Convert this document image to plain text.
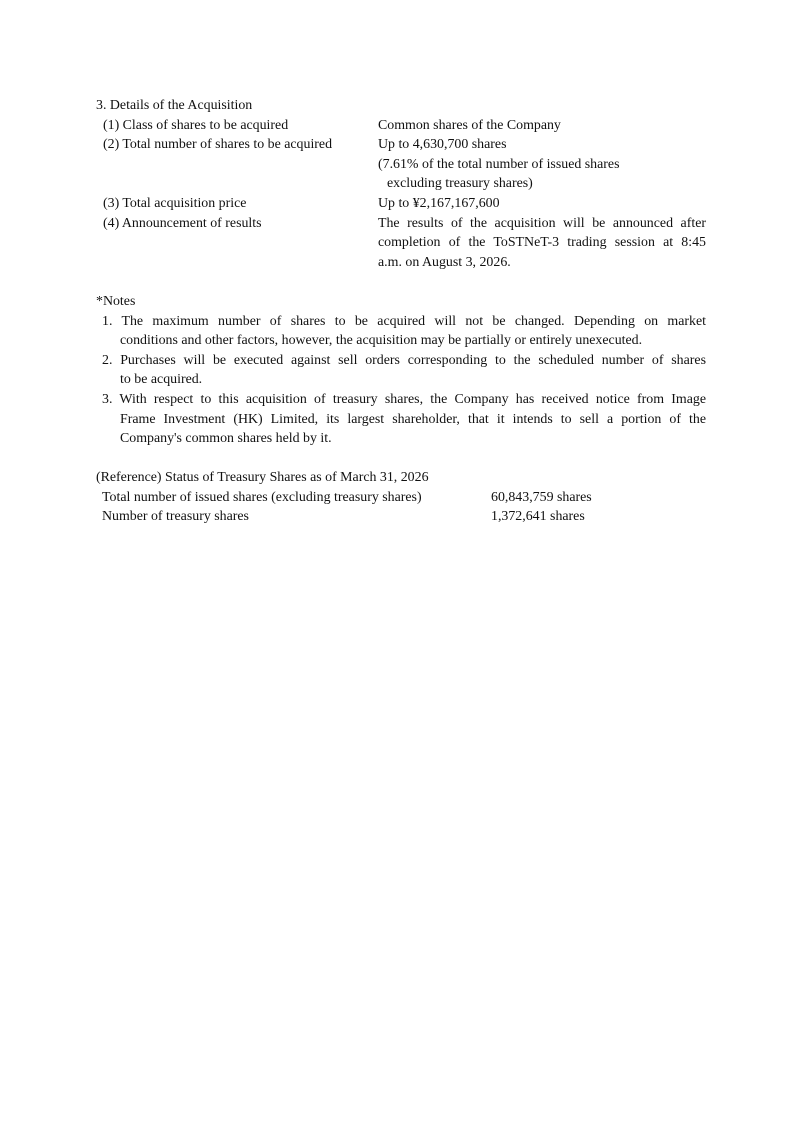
3. Details of the Acquisition
(1) Class of shares to be acquired	Common shares of the Company
(2) Total number of shares to be acquired	Up to 4,630,700 shares
(7.61% of the total number of issued shares
excluding treasury shares)
(3) Total acquisition price	Up to ¥2,167,167,600
(4) Announcement of results	The results of the acquisition will be announced after
completion of the ToSTNeT-3 trading session at 8:45
a.m. on August 3, 2026.
*Notes
1. The maximum number of shares to be acquired will not be changed. Depending on market
conditions and other factors, however, the acquisition may be partially or entirely unexecuted.
2. Purchases will be executed against sell orders corresponding to the scheduled number of shares
to be acquired.
3. With respect to this acquisition of treasury shares, the Company has received notice from Image
Frame Investment (HK) Limited, its largest shareholder, that it intends to sell a portion of the
Company's common shares held by it.
(Reference) Status of Treasury Shares as of March 31, 2026
Total number of issued shares (excluding treasury shares)	60,843,759 shares
Number of treasury shares	1,372,641 shares
